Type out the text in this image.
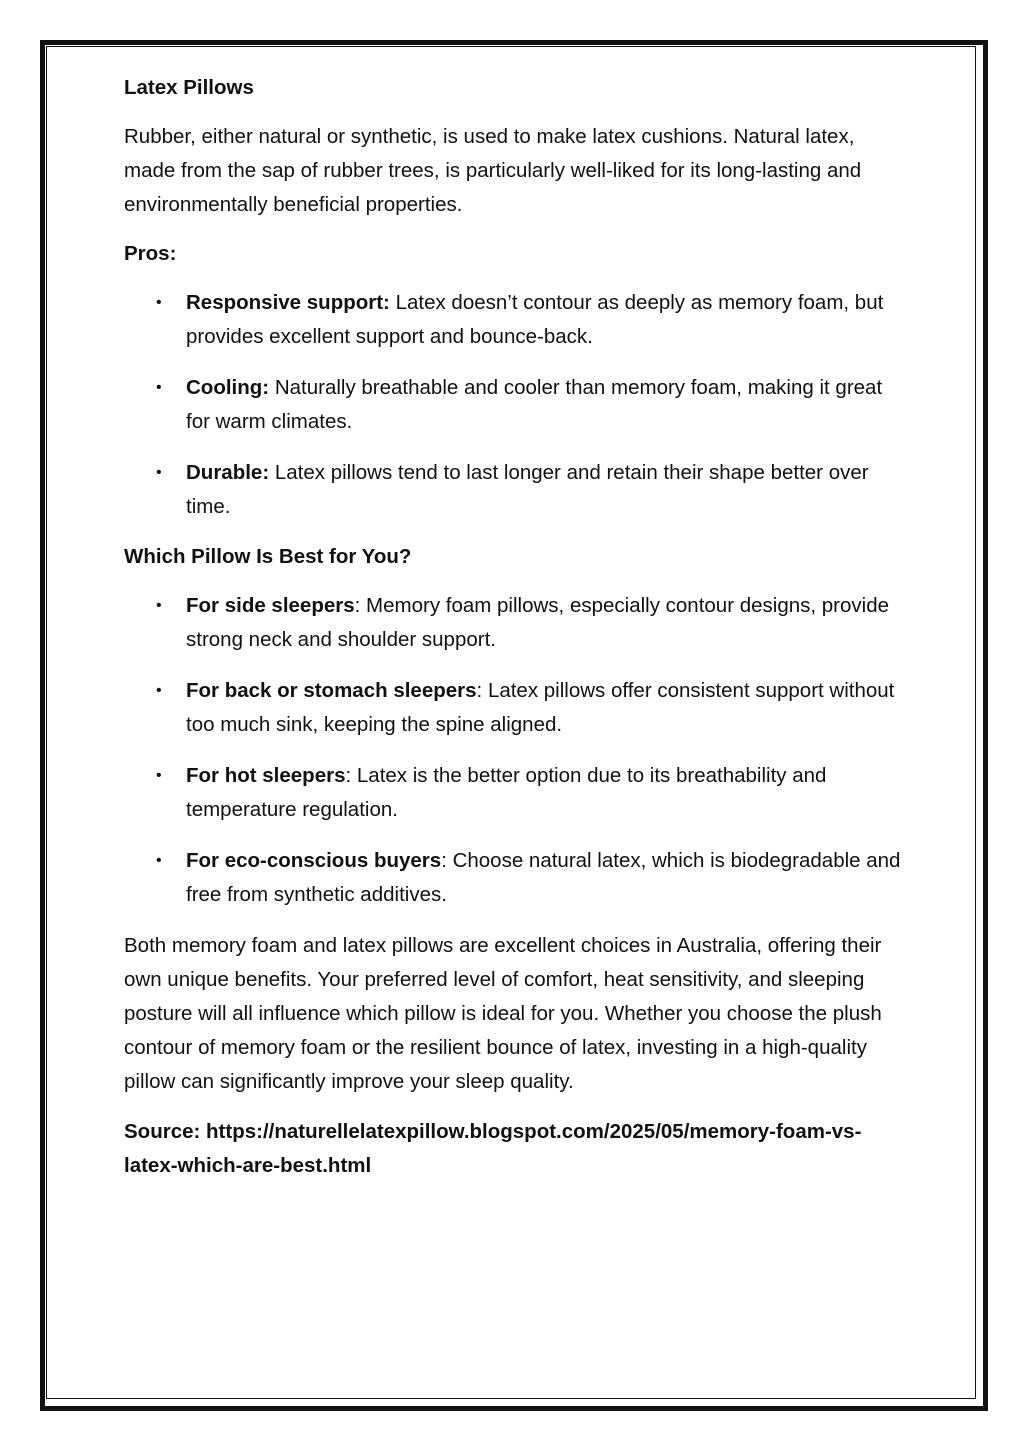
Latex Pillows

Rubber, either natural or synthetic, is used to make latex cushions. Natural latex, made from the sap of rubber trees, is particularly well-liked for its long-lasting and environmentally beneficial properties.

Pros:
• Responsive support: Latex doesn’t contour as deeply as memory foam, but provides excellent support and bounce-back.
• Cooling: Naturally breathable and cooler than memory foam, making it great for warm climates.
• Durable: Latex pillows tend to last longer and retain their shape better over time.
Which Pillow Is Best for You?
• For side sleepers: Memory foam pillows, especially contour designs, provide strong neck and shoulder support.
• For back or stomach sleepers: Latex pillows offer consistent support without too much sink, keeping the spine aligned.
• For hot sleepers: Latex is the better option due to its breathability and temperature regulation.
• For eco-conscious buyers: Choose natural latex, which is biodegradable and free from synthetic additives.

Both memory foam and latex pillows are excellent choices in Australia, offering their own unique benefits. Your preferred level of comfort, heat sensitivity, and sleeping posture will all influence which pillow is ideal for you. Whether you choose the plush contour of memory foam or the resilient bounce of latex, investing in a high-quality pillow can significantly improve your sleep quality.

Source: https://naturellelatexpillow.blogspot.com/2025/05/memory-foam-vs-latex-which-are-best.html
